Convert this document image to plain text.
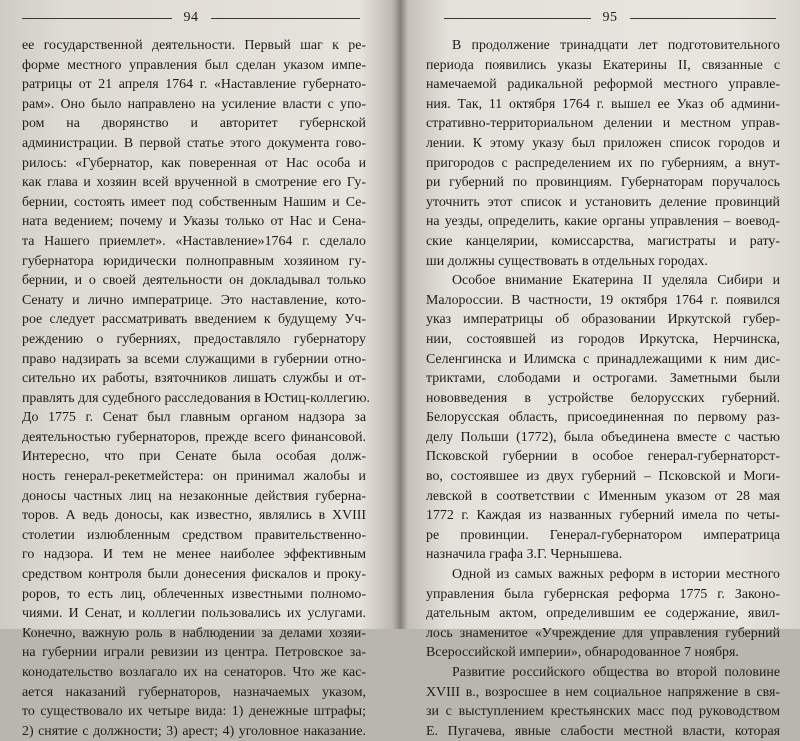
94
ее государственной деятельности. Первый шаг к ре-
форме местного управления был сделан указом импе-
ратрицы от 21 апреля 1764 г. «Наставление губернато-
рам». Оно было направлено на усиление власти с упо-
ром на дворянство и авторитет губернской
администрации. В первой статье этого документа гово-
рилось: «Губернатор, как поверенная от Нас особа и
как глава и хозяин всей врученной в смотрение его Гу-
бернии, состоять имеет под собственным Нашим и Се-
ната ведением; почему и Указы только от Нас и Сена-
та Нашего приемлет». «Наставление»1764 г. сделало
губернатора юридически полноправным хозяином гу-
бернии, и о своей деятельности он докладывал только
Сенату и лично императрице. Это наставление, кото-
рое следует рассматривать введением к будущему Уч-
реждению о губерниях, предоставляло губернатору
право надзирать за всеми служащими в губернии отно-
сительно их работы, взяточников лишать службы и от-
правлять для судебного расследования в Юстиц-коллегию.
До 1775 г. Сенат был главным органом надзора за
деятельностью губернаторов, прежде всего финансовой.
Интересно, что при Сенате была особая долж-
ность генерал-рекетмейстера: он принимал жалобы и
доносы частных лиц на незаконные действия губерна-
торов. А ведь доносы, как известно, являлись в XVIII
столетии излюбленным средством правительственно-
го надзора. И тем не менее наиболее эффективным
средством контроля были донесения фискалов и проку-
роров, то есть лиц, облеченных известными полномо-
чиями. И Сенат, и коллегии пользовались их услугами.
Конечно, важную роль в наблюдении за делами хозяи-
на губернии играли ревизии из центра. Петровское за-
конодательство возлагало их на сенаторов. Что же кас-
ается наказаний губернаторов, назначаемых указом,
то существовало их четыре вида: 1) денежные штрафы;
2) снятие с должности; 3) арест; 4) уголовное наказание.
95
В продолжение тринадцати лет подготовительного
периода появились указы Екатерины II, связанные с
намечаемой радикальной реформой местного управле-
ния. Так, 11 октября 1764 г. вышел ее Указ об админи-
стративно-территориальном делении и местном управ-
лении. К этому указу был приложен список городов и
пригородов с распределением их по губерниям, а внут-
ри губерний по провинциям. Губернаторам поручалось
уточнить этот список и установить деление провинций
на уезды, определить, какие органы управления – воевод-
ские канцелярии, комиссарства, магистраты и рату-
ши должны существовать в отдельных городах.
Особое внимание Екатерина II уделяла Сибири и
Малороссии. В частности, 19 октября 1764 г. появился
указ императрицы об образовании Иркутской губер-
нии, состоявшей из городов Иркутска, Нерчинска,
Селенгинска и Илимска с принадлежащими к ним дис-
триктами, слободами и острогами. Заметными были
нововведения в устройстве белорусских губерний.
Белорусская область, присоединенная по первому раз-
делу Польши (1772), была объединена вместе с частью
Псковской губернии в особое генерал-губернаторст-
во, состоявшее из двух губерний – Псковской и Моги-
левской в соответствии с Именным указом от 28 мая
1772 г. Каждая из названных губерний имела по четы-
ре провинции. Генерал-губернатором императрица
назначила графа З.Г. Чернышева.
Одной из самых важных реформ в истории местного
управления была губернская реформа 1775 г. Законо-
дательным актом, определившим ее содержание, явил-
лось знаменитое «Учреждение для управления губерний
Всероссийской империи», обнародованное 7 ноября.
Развитие российского общества во второй половине
XVIII в., возросшее в нем социальное напряжение в свя-
зи с выступлением крестьянских масс под руководством
Е. Пугачева, явные слабости местной власти, которая
